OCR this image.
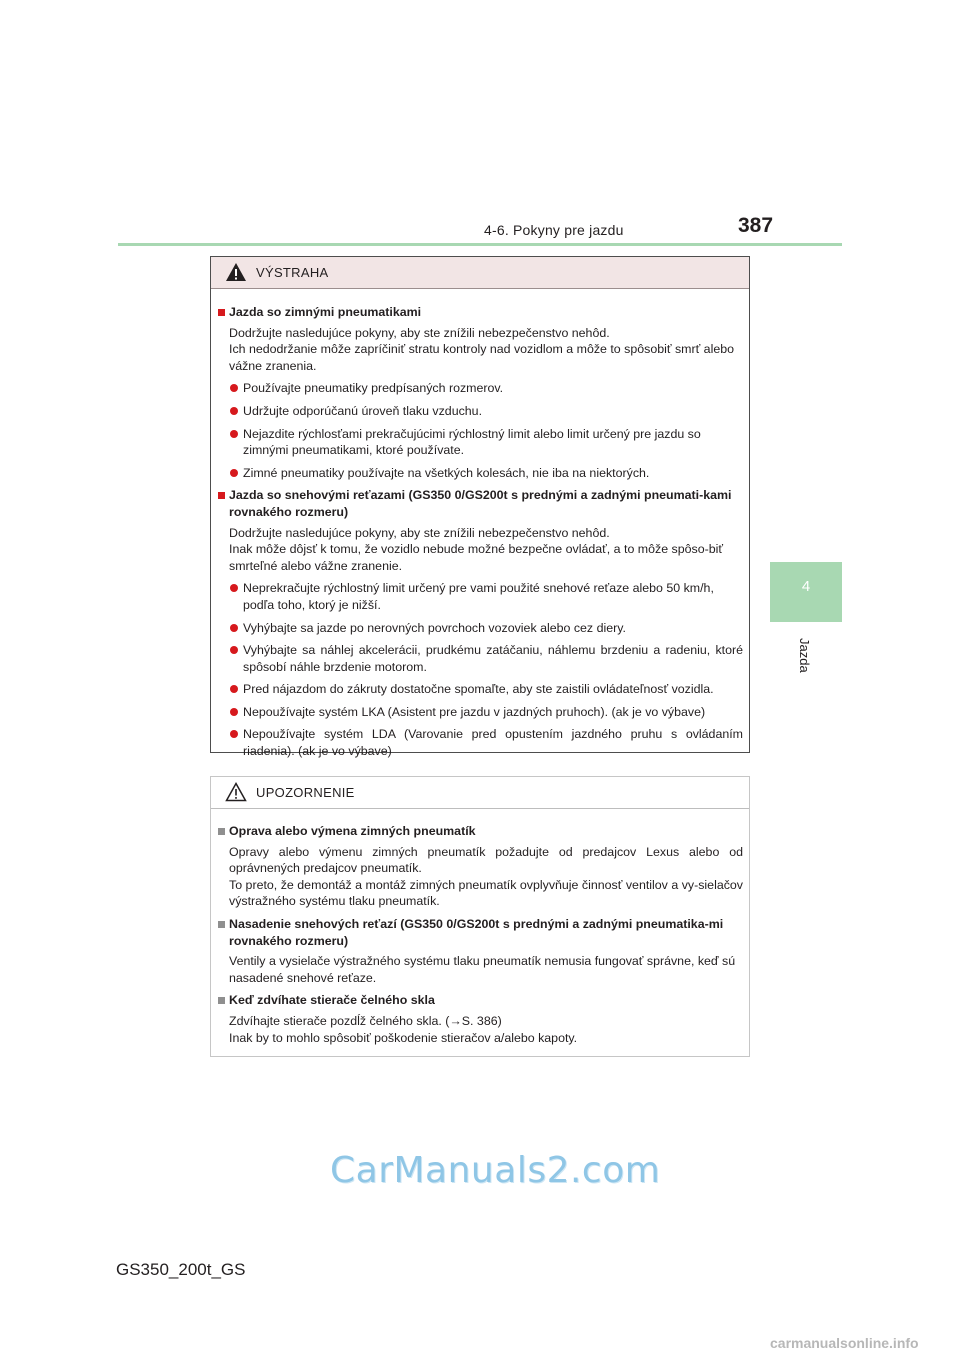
4-6. Pokyny pre jazdu	387
4
Jazda
VÝSTRAHA
Jazda so zimnými pneumatikami
Dodržujte nasledujúce pokyny, aby ste znížili nebezpečenstvo nehôd.
Ich nedodržanie môže zapríčiniť stratu kontroly nad vozidlom a môže to spôsobiť smrť alebo vážne zranenia.
Používajte pneumatiky predpísaných rozmerov.
Udržujte odporúčanú úroveň tlaku vzduchu.
Nejazdite rýchlosťami prekračujúcimi rýchlostný limit alebo limit určený pre jazdu so zimnými pneumatikami, ktoré používate.
Zimné pneumatiky používajte na všetkých kolesách, nie iba na niektorých.
Jazda so snehovými reťazami (GS350 0/GS200t s prednými a zadnými pneumati-kami rovnakého rozmeru)
Dodržujte nasledujúce pokyny, aby ste znížili nebezpečenstvo nehôd.
Inak môže dôjsť k tomu, že vozidlo nebude možné bezpečne ovládať, a to môže spôso-biť smrteľné alebo vážne zranenie.
Neprekračujte rýchlostný limit určený pre vami použité snehové reťaze alebo 50 km/h, podľa toho, ktorý je nižší.
Vyhýbajte sa jazde po nerovných povrchoch vozoviek alebo cez diery.
Vyhýbajte sa náhlej akcelerácii, prudkému zatáčaniu, náhlemu brzdeniu a radeniu, ktoré spôsobí náhle brzdenie motorom.
Pred nájazdom do zákruty dostatočne spomaľte, aby ste zaistili ovládateľnosť vozidla.
Nepoužívajte systém LKA (Asistent pre jazdu v jazdných pruhoch). (ak je vo výbave)
Nepoužívajte systém LDA (Varovanie pred opustením jazdného pruhu s ovládaním riadenia). (ak je vo výbave)
UPOZORNENIE
Oprava alebo výmena zimných pneumatík
Opravy alebo výmenu zimných pneumatík požadujte od predajcov Lexus alebo od oprávnených predajcov pneumatík.
To preto, že demontáž a montáž zimných pneumatík ovplyvňuje činnosť ventilov a vy-sielačov výstražného systému tlaku pneumatík.
Nasadenie snehových reťazí (GS350 0/GS200t s prednými a zadnými pneumatika-mi rovnakého rozmeru)
Ventily a vysielače výstražného systému tlaku pneumatík nemusia fungovať správne, keď sú nasadené snehové reťaze.
Keď zdvíhate stierače čelného skla
Zdvíhajte stierače pozdĺž čelného skla. (→S. 386)
Inak by to mohlo spôsobiť poškodenie stieračov a/alebo kapoty.
CarManuals2.com
GS350_200t_GS
carmanualsonline.info
